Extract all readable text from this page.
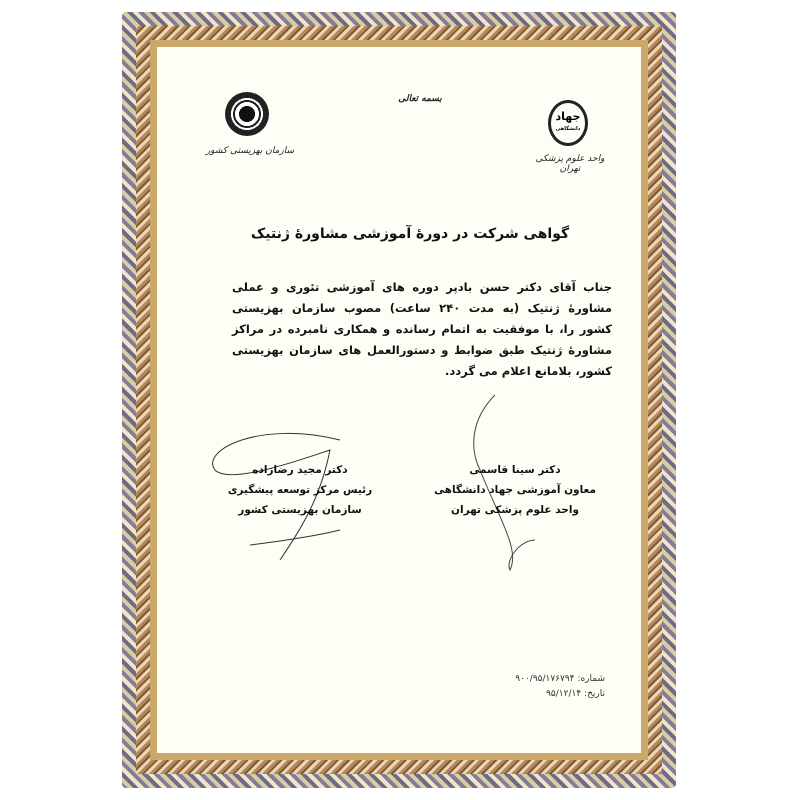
سازمان بهزیستی کشور
بسمه تعالی
جهاد
دانشگاهی
واحد علوم پزشکی تهران
گواهی شرکت در دورهٔ آموزشی مشاورهٔ ژنتیک
جناب آقای دکتر حسن بادپر دوره های آموزشی تئوری و عملی مشاورهٔ ژنتیک (به مدت ۲۴۰ ساعت) مصوب سازمان بهزیستی کشور را، با موفقیت به اتمام رسانده و همکاری نامبرده در مراکز مشاورهٔ ژنتیک طبق ضوابط و دستورالعمل های سازمان بهزیستی کشور، بلامانع اعلام می گردد.
دکتر مجید رضازاده
رئیس مرکز توسعه پیشگیری
سازمان بهزیستی کشور
دکتر سینا قاسمی
معاون آموزشی جهاد دانشگاهی
واحد علوم پزشکی تهران
شماره: ۹۰۰/۹۵/۱۷۶۷۹۴
تاریخ: ۹۵/۱۲/۱۴
